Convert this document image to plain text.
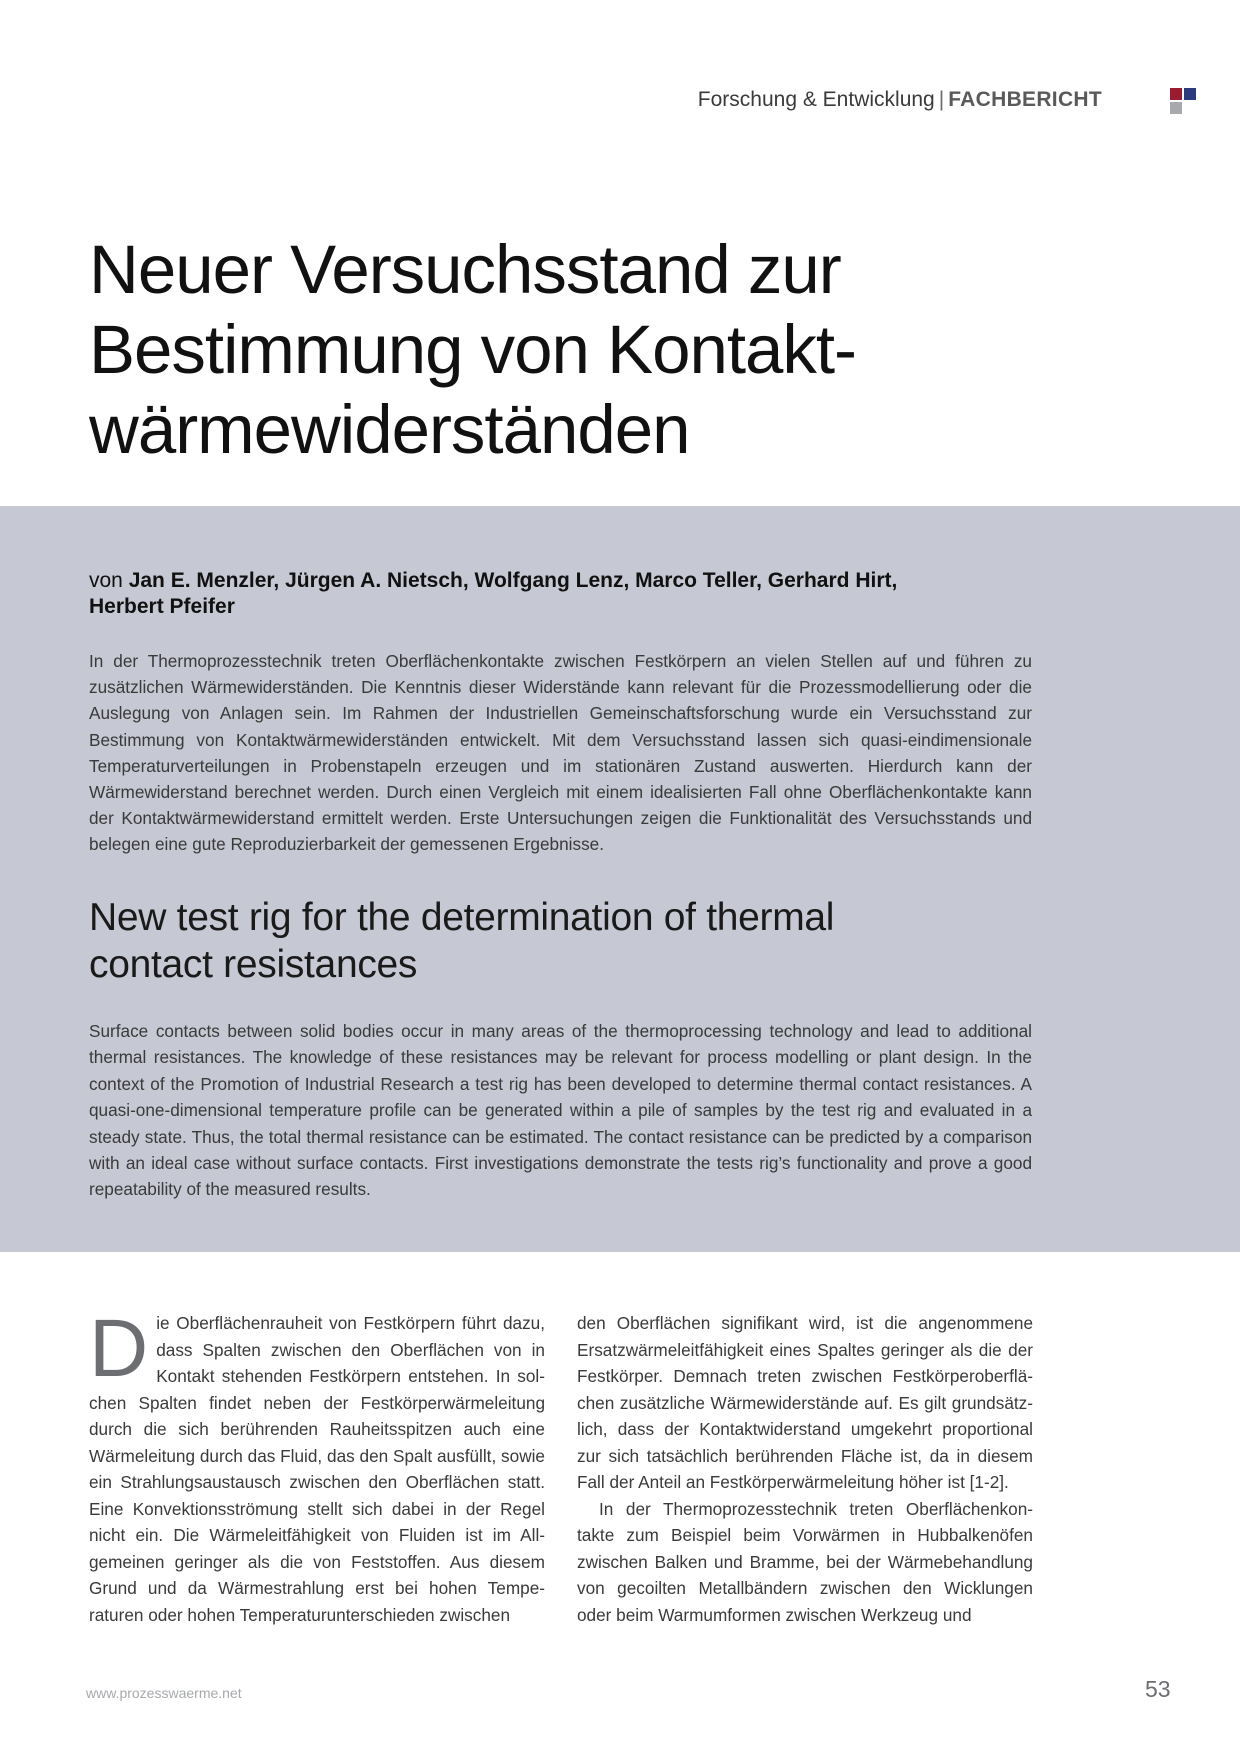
Forschung & Entwicklung | FACHBERICHT
Neuer Versuchsstand zur
Bestimmung von Kontakt-
wärmewiderständen
von Jan E. Menzler, Jürgen A. Nietsch, Wolfgang Lenz, Marco Teller, Gerhard Hirt,
Herbert Pfeifer

In der Thermoprozesstechnik treten Oberflächenkontakte zwischen Festkörpern an vielen Stellen auf und führen zu zusätzlichen Wärmewiderständen. Die Kenntnis dieser Widerstände kann relevant für die Prozessmodellierung oder die Auslegung von Anlagen sein. Im Rahmen der Industriellen Gemeinschaftsforschung wurde ein Versuchsstand zur Bestimmung von Kontaktwärmewiderständen entwickelt. Mit dem Versuchsstand lassen sich quasi-eindimensionale Temperaturverteilungen in Probenstapeln erzeugen und im stationären Zustand auswerten. Hierdurch kann der Wärmewiderstand berechnet werden. Durch einen Vergleich mit einem idealisierten Fall ohne Oberflächenkontakte kann der Kontaktwärmewiderstand ermittelt werden. Erste Untersuchungen zeigen die Funktionalität des Versuchsstands und belegen eine gute Reproduzierbarkeit der gemessenen Ergebnisse.

New test rig for the determination of thermal
contact resistances

Surface contacts between solid bodies occur in many areas of the thermoprocessing technology and lead to additional thermal resistances. The knowledge of these resistances may be relevant for process modelling or plant design. In the context of the Promotion of Industrial Research a test rig has been developed to determine thermal contact resistances. A quasi-one-dimensional temperature profile can be generated within a pile of samples by the test rig and evaluated in a steady state. Thus, the total thermal resistance can be estimated. The contact resistance can be predicted by a comparison with an ideal case without surface contacts. First investigations demonstrate the tests rig’s functionality and prove a good repeatability of the measured results.

Die Oberflächenrauheit von Festkörpern führt dazu, dass Spalten zwischen den Oberflächen von in Kontakt stehenden Festkörpern entstehen. In solchen Spalten findet neben der Festkörperwärmeleitung durch die sich berührenden Rauheitsspitzen auch eine Wärmeleitung durch das Fluid, das den Spalt ausfüllt, sowie ein Strahlungsaustausch zwischen den Oberflächen statt. Eine Konvektionsströmung stellt sich dabei in der Regel nicht ein. Die Wärmeleitfähigkeit von Fluiden ist im Allgemeinen geringer als die von Feststoffen. Aus diesem Grund und da Wärmestrahlung erst bei hohen Temperaturen oder hohen Temperaturunterschieden zwischen

den Oberflächen signifikant wird, ist die angenommene Ersatzwärmeleitfähigkeit eines Spaltes geringer als die der Festkörper. Demnach treten zwischen Festkörperoberflächen zusätzliche Wärmewiderstände auf. Es gilt grundsätzlich, dass der Kontaktwiderstand umgekehrt proportional zur sich tatsächlich berührenden Fläche ist, da in diesem Fall der Anteil an Festkörperwärmeleitung höher ist [1-2].

In der Thermoprozesstechnik treten Oberflächenkontakte zum Beispiel beim Vorwärmen in Hubbalkenöfen zwischen Balken und Bramme, bei der Wärmebehandlung von gecoilten Metallbändern zwischen den Wicklungen oder beim Warmumformen zwischen Werkzeug und

www.prozesswaerme.net	53
